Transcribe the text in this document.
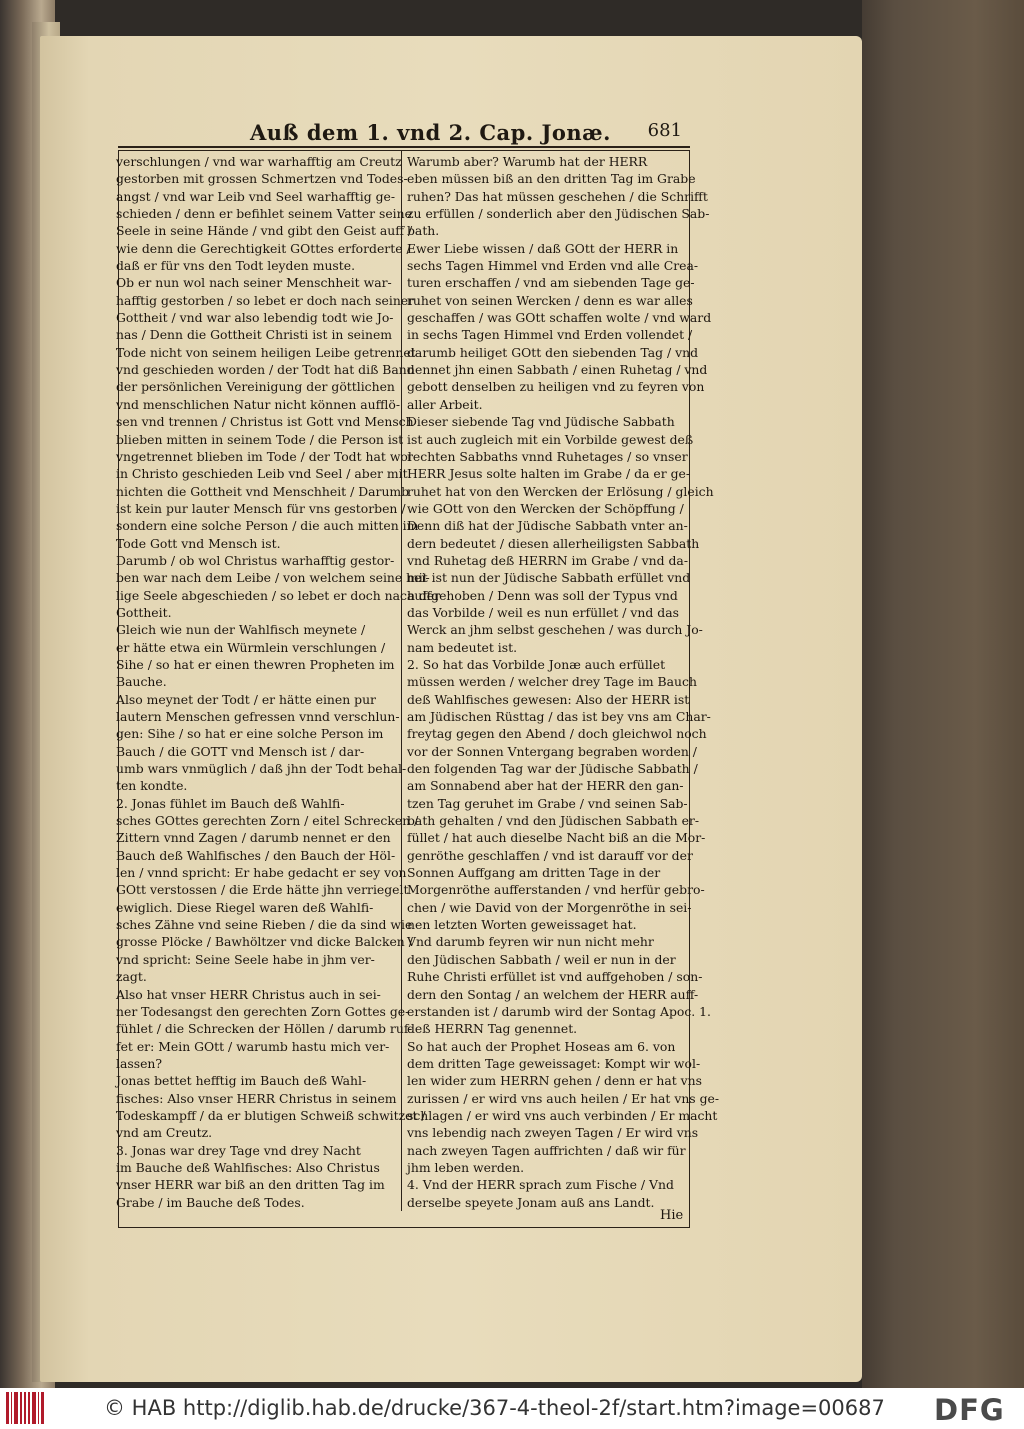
Auß dem 1. vnd 2. Cap. Jonæ. 681

verschlungen / vnd war warhafftig am Creutz

gestorben mit grossen Schmertzen vnd Todes-

angst / vnd war Leib vnd Seel warhafftig ge-

schieden / denn er befihlet seinem Vatter seine

Seele in seine Hände / vnd gibt den Geist auff /

wie denn die Gerechtigkeit GOttes erforderte /

daß er für vns den Todt leyden muste.

Ob er nun wol nach seiner Menschheit war-

hafftig gestorben / so lebet er doch nach seiner

Gottheit / vnd war also lebendig todt wie Jo-

nas / Denn die Gottheit Christi ist in seinem

Tode nicht von seinem heiligen Leibe getrennet

vnd geschieden worden / der Todt hat diß Band

der persönlichen Vereinigung der göttlichen

vnd menschlichen Natur nicht können aufflö-

sen vnd trennen / Christus ist Gott vnd Mensch

blieben mitten in seinem Tode / die Person ist

vngetrennet blieben im Tode / der Todt hat wol

in Christo geschieden Leib vnd Seel / aber mit

nichten die Gottheit vnd Menschheit / Darumb

ist kein pur lauter Mensch für vns gestorben /

sondern eine solche Person / die auch mitten im

Tode Gott vnd Mensch ist.

Darumb / ob wol Christus warhafftig gestor-

ben war nach dem Leibe / von welchem seine hei-

lige Seele abgeschieden / so lebet er doch nach der

Gottheit.

Gleich wie nun der Wahlfisch meynete /

er hätte etwa ein Würmlein verschlungen /

Sihe / so hat er einen thewren Propheten im

Bauche.

Also meynet der Todt / er hätte einen pur

lautern Menschen gefressen vnnd verschlun-

gen: Sihe / so hat er eine solche Person im

Bauch / die GOTT vnd Mensch ist / dar-

umb wars vnmüglich / daß jhn der Todt behal-

ten kondte.

2. Jonas fühlet im Bauch deß Wahlfi-

sches GOttes gerechten Zorn / eitel Schrecken /

Zittern vnnd Zagen / darumb nennet er den

Bauch deß Wahlfisches / den Bauch der Höl-

len / vnnd spricht: Er habe gedacht er sey von

GOtt verstossen / die Erde hätte jhn verriegelt

ewiglich. Diese Riegel waren deß Wahlfi-

sches Zähne vnd seine Rieben / die da sind wie

grosse Plöcke / Bawhöltzer vnd dicke Balcken /

vnd spricht: Seine Seele habe in jhm ver-

zagt.

Also hat vnser HERR Christus auch in sei-

ner Todesangst den gerechten Zorn Gottes ge-

fühlet / die Schrecken der Höllen / darumb ruf-

fet er: Mein GOtt / warumb hastu mich ver-

lassen?

Jonas bettet hefftig im Bauch deß Wahl-

fisches: Also vnser HERR Christus in seinem

Todeskampff / da er blutigen Schweiß schwitzet /

vnd am Creutz.

3. Jonas war drey Tage vnd drey Nacht

im Bauche deß Wahlfisches: Also Christus

vnser HERR war biß an den dritten Tag im

Grabe / im Bauche deß Todes.

Warumb aber? Warumb hat der HERR

eben müssen biß an den dritten Tag im Grabe

ruhen? Das hat müssen geschehen / die Schrifft

zu erfüllen / sonderlich aber den Jüdischen Sab-

bath.

Ewer Liebe wissen / daß GOtt der HERR in

sechs Tagen Himmel vnd Erden vnd alle Crea-

turen erschaffen / vnd am siebenden Tage ge-

ruhet von seinen Wercken / denn es war alles

geschaffen / was GOtt schaffen wolte / vnd ward

in sechs Tagen Himmel vnd Erden vollendet /

darumb heiliget GOtt den siebenden Tag / vnd

nennet jhn einen Sabbath / einen Ruhetag / vnd

gebott denselben zu heiligen vnd zu feyren von

aller Arbeit.

Dieser siebende Tag vnd Jüdische Sabbath

ist auch zugleich mit ein Vorbilde gewest deß

rechten Sabbaths vnnd Ruhetages / so vnser

HERR Jesus solte halten im Grabe / da er ge-

ruhet hat von den Wercken der Erlösung / gleich

wie GOtt von den Wercken der Schöpffung /

Denn diß hat der Jüdische Sabbath vnter an-

dern bedeutet / diesen allerheiligsten Sabbath

vnd Ruhetag deß HERRN im Grabe / vnd da-

mit ist nun der Jüdische Sabbath erfüllet vnd

auffgehoben / Denn was soll der Typus vnd

das Vorbilde / weil es nun erfüllet / vnd das

Werck an jhm selbst geschehen / was durch Jo-

nam bedeutet ist.

2. So hat das Vorbilde Jonæ auch erfüllet

müssen werden / welcher drey Tage im Bauch

deß Wahlfisches gewesen: Also der HERR ist

am Jüdischen Rüsttag / das ist bey vns am Char-

freytag gegen den Abend / doch gleichwol noch

vor der Sonnen Vntergang begraben worden /

den folgenden Tag war der Jüdische Sabbath /

am Sonnabend aber hat der HERR den gan-

tzen Tag geruhet im Grabe / vnd seinen Sab-

bath gehalten / vnd den Jüdischen Sabbath er-

füllet / hat auch dieselbe Nacht biß an die Mor-

genröthe geschlaffen / vnd ist darauff vor der

Sonnen Auffgang am dritten Tage in der

Morgenröthe aufferstanden / vnd herfür gebro-

chen / wie David von der Morgenröthe in sei-

nen letzten Worten geweissaget hat.

Vnd darumb feyren wir nun nicht mehr

den Jüdischen Sabbath / weil er nun in der

Ruhe Christi erfüllet ist vnd auffgehoben / son-

dern den Sontag / an welchem der HERR auff-

erstanden ist / darumb wird der Sontag Apoc. 1.

deß HERRN Tag genennet.

So hat auch der Prophet Hoseas am 6. von

dem dritten Tage geweissaget: Kompt wir wol-

len wider zum HERRN gehen / denn er hat vns

zurissen / er wird vns auch heilen / Er hat vns ge-

schlagen / er wird vns auch verbinden / Er macht

vns lebendig nach zweyen Tagen / Er wird vns

nach zweyen Tagen auffrichten / daß wir für

jhm leben werden.

4. Vnd der HERR sprach zum Fische / Vnd

derselbe speyete Jonam auß ans Landt.

Hie
© HAB http://diglib.hab.de/drucke/367-4-theol-2f/start.htm?image=00687 DFG
